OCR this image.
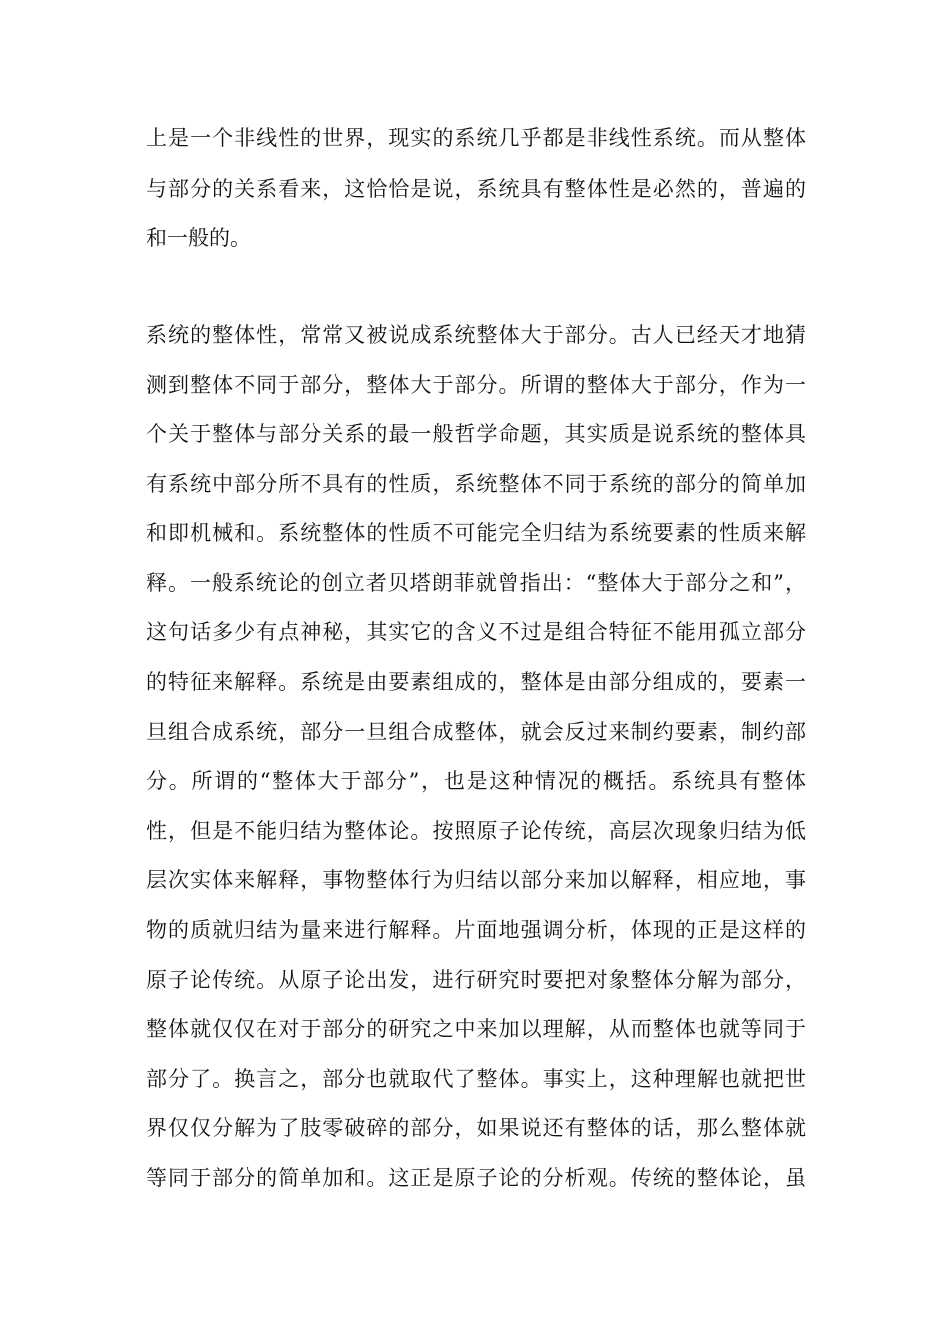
上是一个非线性的世界，现实的系统几乎都是非线性系统。而从整体
与部分的关系看来，这恰恰是说，系统具有整体性是必然的，普遍的
和一般的。
系统的整体性，常常又被说成系统整体大于部分。古人已经天才地猜
测到整体不同于部分，整体大于部分。所谓的整体大于部分，作为一
个关于整体与部分关系的最一般哲学命题，其实质是说系统的整体具
有系统中部分所不具有的性质，系统整体不同于系统的部分的简单加
和即机械和。系统整体的性质不可能完全归结为系统要素的性质来解
释。一般系统论的创立者贝塔朗菲就曾指出：“整体大于部分之和”，
这句话多少有点神秘，其实它的含义不过是组合特征不能用孤立部分
的特征来解释。系统是由要素组成的，整体是由部分组成的，要素一
旦组合成系统，部分一旦组合成整体，就会反过来制约要素，制约部
分。所谓的“整体大于部分”，也是这种情况的概括。系统具有整体
性，但是不能归结为整体论。按照原子论传统，高层次现象归结为低
层次实体来解释，事物整体行为归结以部分来加以解释，相应地，事
物的质就归结为量来进行解释。片面地强调分析，体现的正是这样的
原子论传统。从原子论出发，进行研究时要把对象整体分解为部分，
整体就仅仅在对于部分的研究之中来加以理解，从而整体也就等同于
部分了。换言之，部分也就取代了整体。事实上，这种理解也就把世
界仅仅分解为了肢零破碎的部分，如果说还有整体的话，那么整体就
等同于部分的简单加和。这正是原子论的分析观。传统的整体论，虽
